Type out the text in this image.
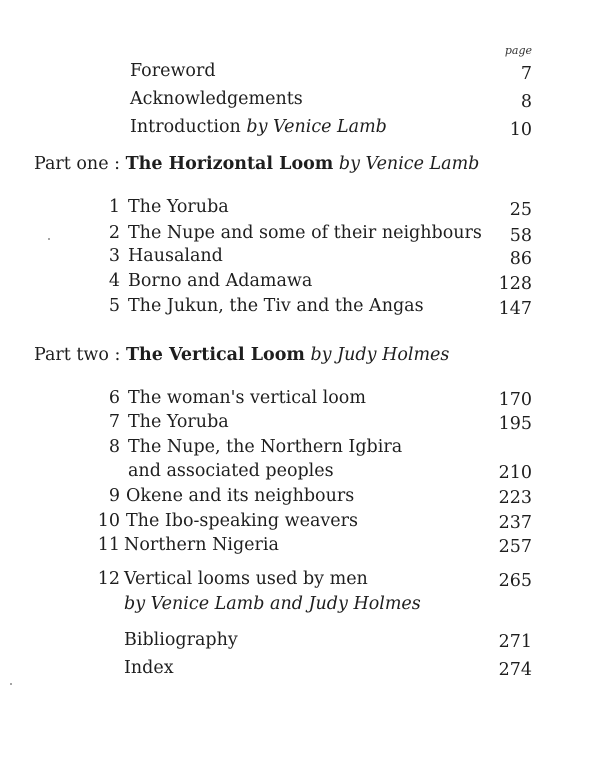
page
Foreword	7
Acknowledgements	8
Introduction by Venice Lamb	10
Part one : The Horizontal Loom by Venice Lamb
1 The Yoruba	25
2 The Nupe and some of their neighbours 58
3 Hausaland	86
4 Borno and Adamawa	128
5 The Jukun, the Tiv and the Angas	147
Part two : The Vertical Loom by Judy Holmes
6 The woman's vertical loom	170
7 The Yoruba	195
8 The Nupe, the Northern Igbira
and associated peoples	210
9 Okene and its neighbours	223
10 The Ibo-speaking weavers	237
11 Northern Nigeria	257
12 Vertical looms used by men
by Venice Lamb and Judy Holmes
265
Bibliography	271
Index	274
